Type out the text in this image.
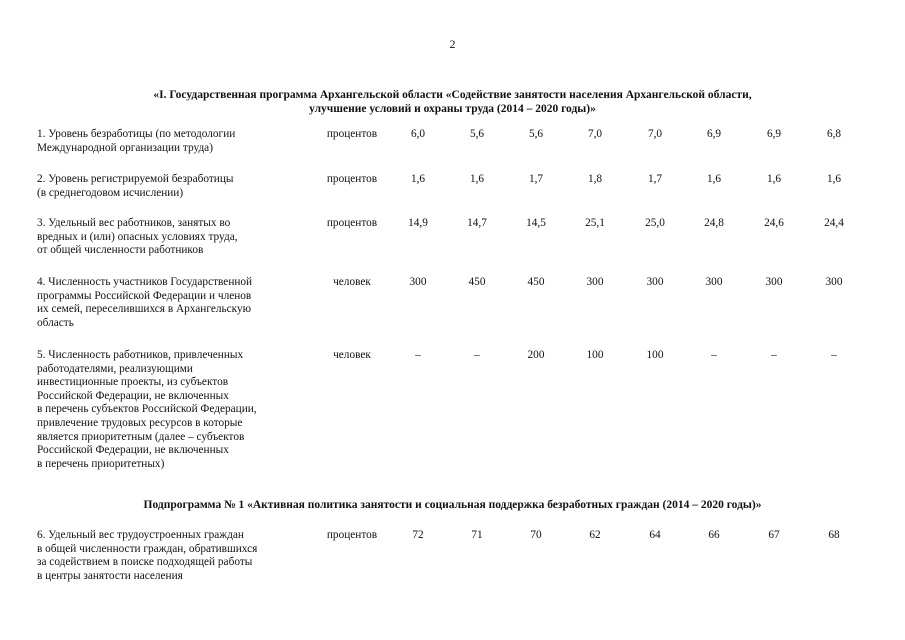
2
«I. Государственная программа Архангельской области «Содействие занятости населения Архангельской области,
улучшение условий и охраны труда (2014 – 2020 годы)»
1. Уровень безработицы (по методологии
Международной организации труда)
процентов	6,0	5,6	5,6	7,0	7,0	6,9	6,9	6,8
2. Уровень регистрируемой безработицы
(в среднегодовом исчислении)
процентов	1,6	1,6	1,7	1,8	1,7	1,6	1,6	1,6
3. Удельный вес работников, занятых во
вредных и (или) опасных условиях труда,
от общей численности работников
процентов	14,9	14,7	14,5	25,1	25,0	24,8	24,6	24,4
4. Численность участников Государственной
программы Российской Федерации и членов
их семей, переселившихся в Архангельскую
область
человек	300	450	450	300	300	300	300	300
5. Численность работников, привлеченных
работодателями, реализующими
инвестиционные проекты, из субъектов
Российской Федерации, не включенных
в перечень субъектов Российской Федерации,
привлечение трудовых ресурсов в которые
является приоритетным (далее – субъектов
Российской Федерации, не включенных
в перечень приоритетных)
человек	–	–	200	100	100	–	–	–
Подпрограмма № 1 «Активная политика занятости и социальная поддержка безработных граждан (2014 – 2020 годы)»
6. Удельный вес трудоустроенных граждан
в общей численности граждан, обратившихся
за содействием в поиске подходящей работы
в центры занятости населения
процентов	72	71	70	62	64	66	67	68
